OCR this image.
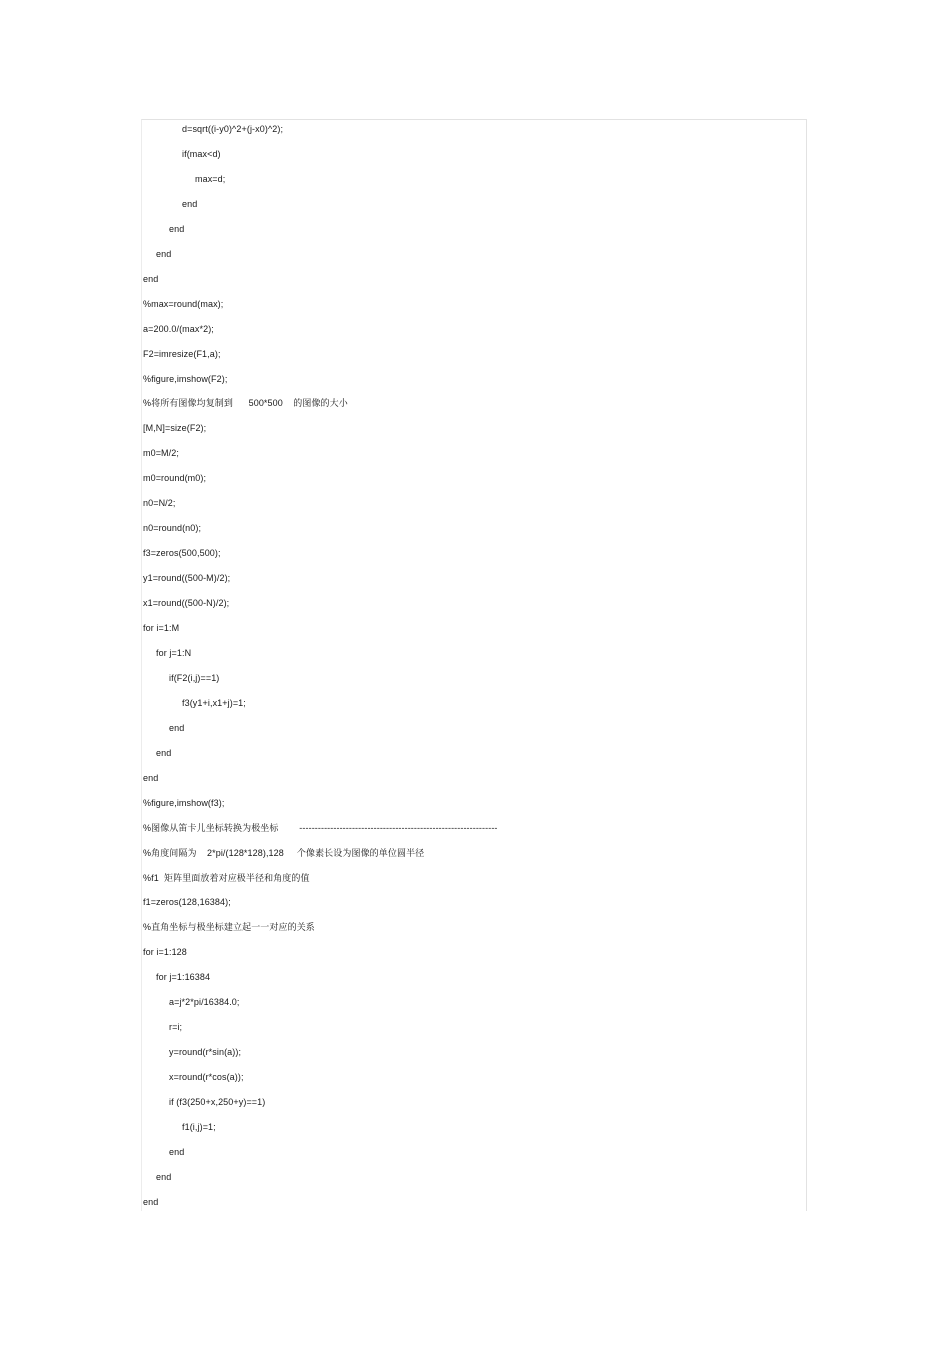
d=sqrt((i-y0)^2+(j-x0)^2);
if(max<d)
max=d;
end
end
end
end
%max=round(max);
a=200.0/(max*2);
F2=imresize(F1,a);
%figure,imshow(F2);
%将所有图像均复制到      500*500    的图像的大小
[M,N]=size(F2);
m0=M/2;
m0=round(m0);
n0=N/2;
n0=round(n0);
f3=zeros(500,500);
y1=round((500-M)/2);
x1=round((500-N)/2);
for i=1:M
for j=1:N
if(F2(i,j)==1)
f3(y1+i,x1+j)=1;
end
end
end
%figure,imshow(f3);
%图像从笛卡儿坐标转换为极坐标        ----------------------------------------------------------------
%角度间隔为    2*pi/(128*128),128     个像素长设为图像的单位圆半径
%f1  矩阵里面放着对应极半径和角度的值
f1=zeros(128,16384);
%直角坐标与极坐标建立起一一对应的关系
for i=1:128
for j=1:16384
a=j*2*pi/16384.0;
r=i;
y=round(r*sin(a));
x=round(r*cos(a));
if (f3(250+x,250+y)==1)
f1(i,j)=1;
end
end
end
